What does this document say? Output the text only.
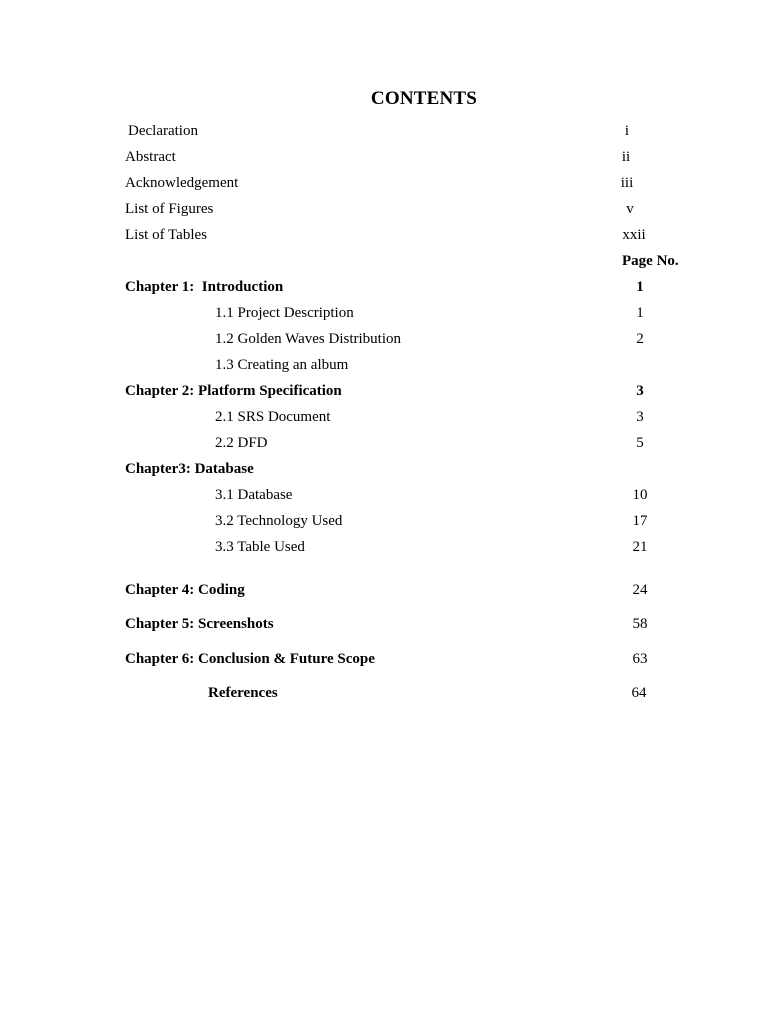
CONTENTS
Declaration	i
Abstract	ii
Acknowledgement	iii
List of Figures	v
List of Tables	xxii
Page No.
Chapter 1:  Introduction	1
1.1 Project Description	1
1.2 Golden Waves Distribution	2
1.3 Creating an album
Chapter 2: Platform Specification	3
2.1 SRS Document	3
2.2 DFD	5
Chapter3: Database
3.1 Database	10
3.2 Technology Used	17
3.3 Table Used	21
Chapter 4: Coding	24
Chapter 5: Screenshots	58
Chapter 6: Conclusion & Future Scope	63
References	64
